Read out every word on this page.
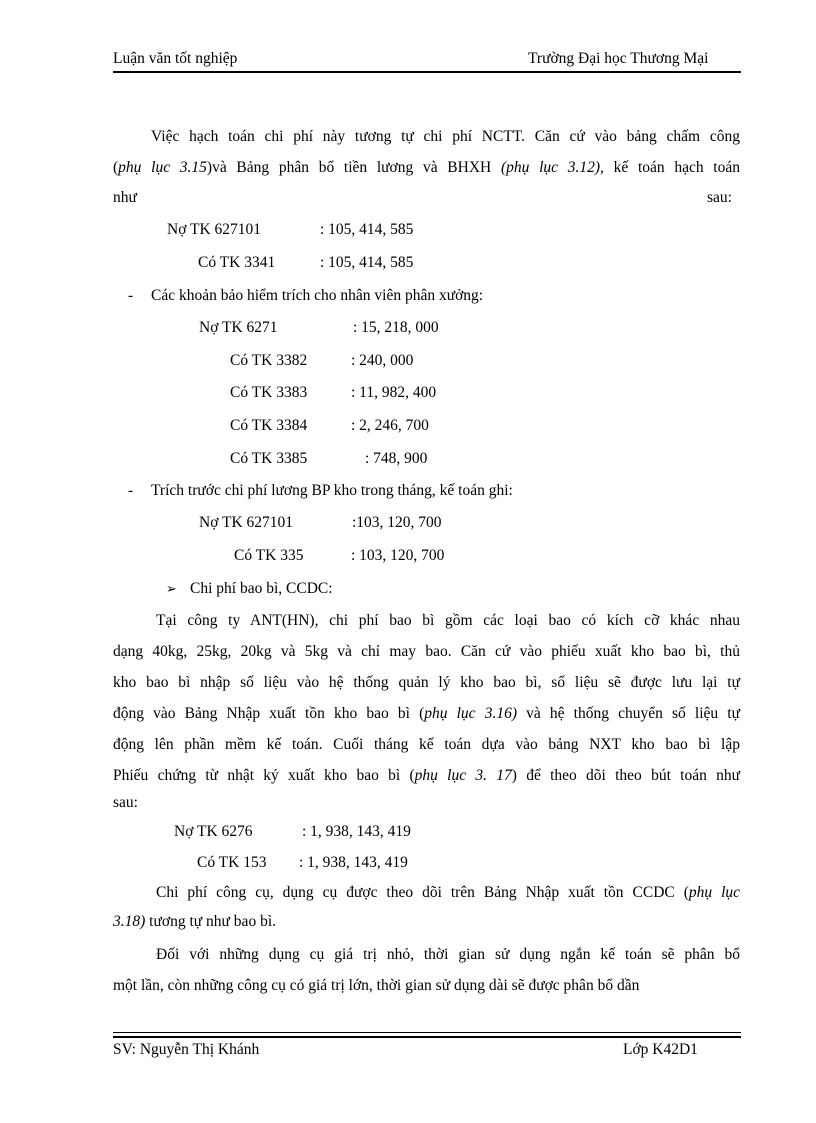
Luận văn tốt nghiệp	Trường Đại học Thương Mại
Việc hạch toán chi phí này tương tự chi phí NCTT. Căn cứ vào bảng chấm công
(phụ lục 3.15)và Bảng phân bổ tiền lương và BHXH (phụ lục 3.12), kế toán hạch toán
như	sau:
Nợ TK 627101	: 105, 414, 585
Có TK 3341	: 105, 414, 585
- Các khoản bảo hiểm trích cho nhân viên phân xưởng:
Nợ TK 6271	: 15, 218, 000
Có TK 3382	: 240, 000
Có TK 3383	: 11, 982, 400
Có TK 3384	: 2, 246, 700
Có TK 3385	: 748, 900
- Trích trước chi phí lương BP kho trong tháng, kế toán ghi:
Nợ TK 627101	:103, 120, 700
Có TK 335	: 103, 120, 700
➢ Chi phí bao bì, CCDC:
Tại công ty ANT(HN), chi phí bao bì gồm các loại bao có kích cỡ khác nhau
dạng 40kg, 25kg, 20kg và 5kg và chỉ may bao. Căn cứ vào phiếu xuất kho bao bì, thủ
kho bao bì nhập số liệu vào hệ thống quản lý kho bao bì, số liệu sẽ được lưu lại tự
động vào Bảng Nhập xuất tồn kho bao bì (phụ lục 3.16) và hệ thống chuyển số liệu tự
động lên phần mềm kế toán. Cuối tháng kế toán dựa vào bảng NXT kho bao bì lập
Phiếu chứng từ nhật ký xuất kho bao bì (phụ lục 3. 17) để theo dõi theo bút toán như
sau:
Nợ TK 6276	: 1, 938, 143, 419
Có TK 153 : 1, 938, 143, 419
Chi phí công cụ, dụng cụ được theo dõi trên Bảng Nhập xuất tồn CCDC (phụ lục
3.18) tương tự như bao bì.
Đối với những dụng cụ giá trị nhỏ, thời gian sử dụng ngắn kế toán sẽ phân bổ
một lần, còn những công cụ có giá trị lớn, thời gian sử dụng dài sẽ được phân bổ dần
SV: Nguyễn Thị Khánh	Lớp K42D1
